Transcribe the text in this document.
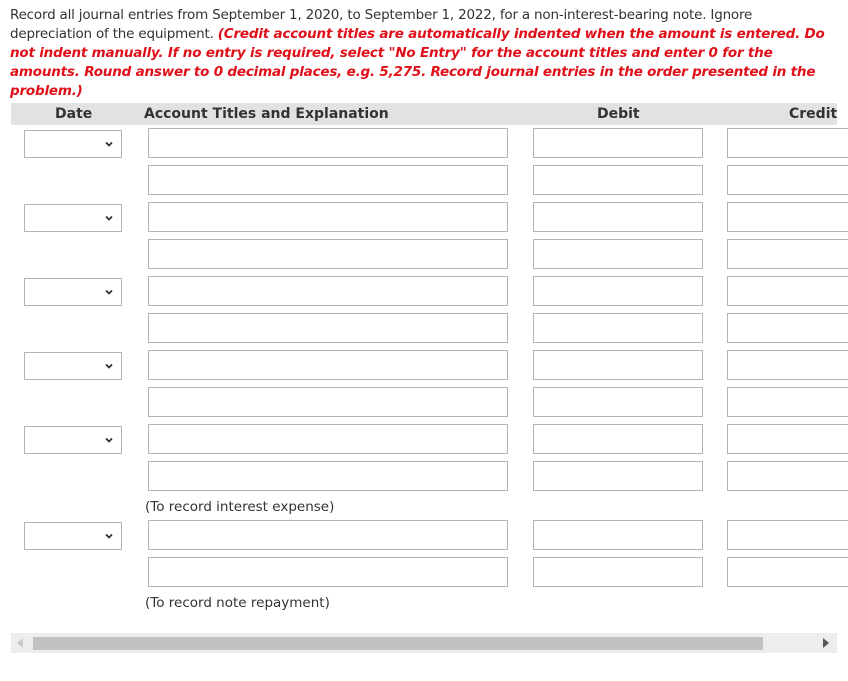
Record all journal entries from September 1, 2020, to September 1, 2022, for a non-interest-bearing note. Ignore depreciation of the equipment. (Credit account titles are automatically indented when the amount is entered. Do not indent manually. If no entry is required, select "No Entry" for the account titles and enter 0 for the amounts. Round answer to 0 decimal places, e.g. 5,275. Record journal entries in the order presented in the problem.)
Date	Account Titles and Explanation	Debit	Credit
(To record interest expense)
(To record note repayment)
